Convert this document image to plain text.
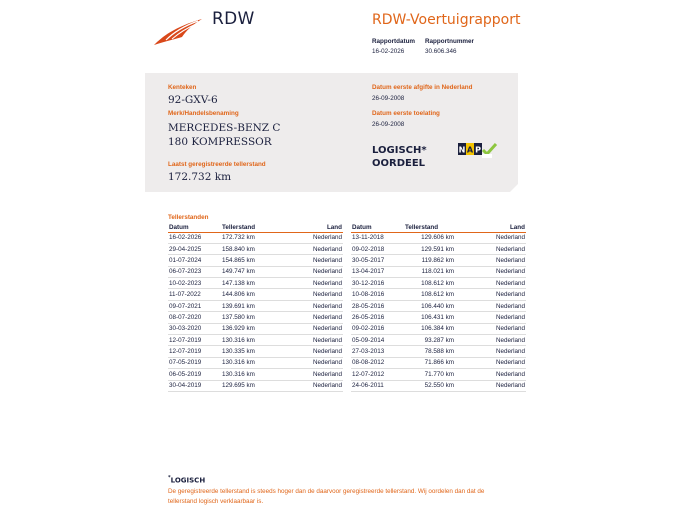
RDW	RDW-Voertuigrapport
Rapportdatum
16-02-2026
Rapportnummer
30.606.346
Kenteken
92-GXV-6
Merk/Handelsbenaming
MERCEDES-BENZ C
180 KOMPRESSOR
Laatst geregistreerde tellerstand
172.732 km
Datum eerste afgifte in Nederland
26-09-2008
Datum eerste toelating
26-09-2008
LOGISCH*
OORDEEL
N A P
Tellerstanden
Datum	Tellerstand	Land
16-02-2026	172.732 km	Nederland
29-04-2025	158.840 km	Nederland
01-07-2024	154.865 km	Nederland
06-07-2023	149.747 km	Nederland
10-02-2023	147.138 km	Nederland
11-07-2022	144.806 km	Nederland
09-07-2021	139.691 km	Nederland
08-07-2020	137.580 km	Nederland
30-03-2020	136.929 km	Nederland
12-07-2019	130.316 km	Nederland
12-07-2019	130.335 km	Nederland
07-05-2019	130.316 km	Nederland
06-05-2019	130.316 km	Nederland
30-04-2019	129.695 km	Nederland
Datum	Tellerstand	Land
13-11-2018	129.606 km	Nederland
09-02-2018	129.591 km	Nederland
30-05-2017	119.862 km	Nederland
13-04-2017	118.021 km	Nederland
30-12-2016	108.612 km	Nederland
10-08-2016	108.612 km	Nederland
28-05-2016	106.440 km	Nederland
26-05-2016	106.431 km	Nederland
09-02-2016	106.384 km	Nederland
05-09-2014	93.287 km	Nederland
27-03-2013	78.588 km	Nederland
08-08-2012	71.866 km	Nederland
12-07-2012	71.770 km	Nederland
24-06-2011	52.550 km	Nederland
*LOGISCH
De geregistreerde tellerstand is steeds hoger dan de daarvoor geregistreerde tellerstand. Wij oordelen dan dat de tellerstand logisch verklaarbaar is.
